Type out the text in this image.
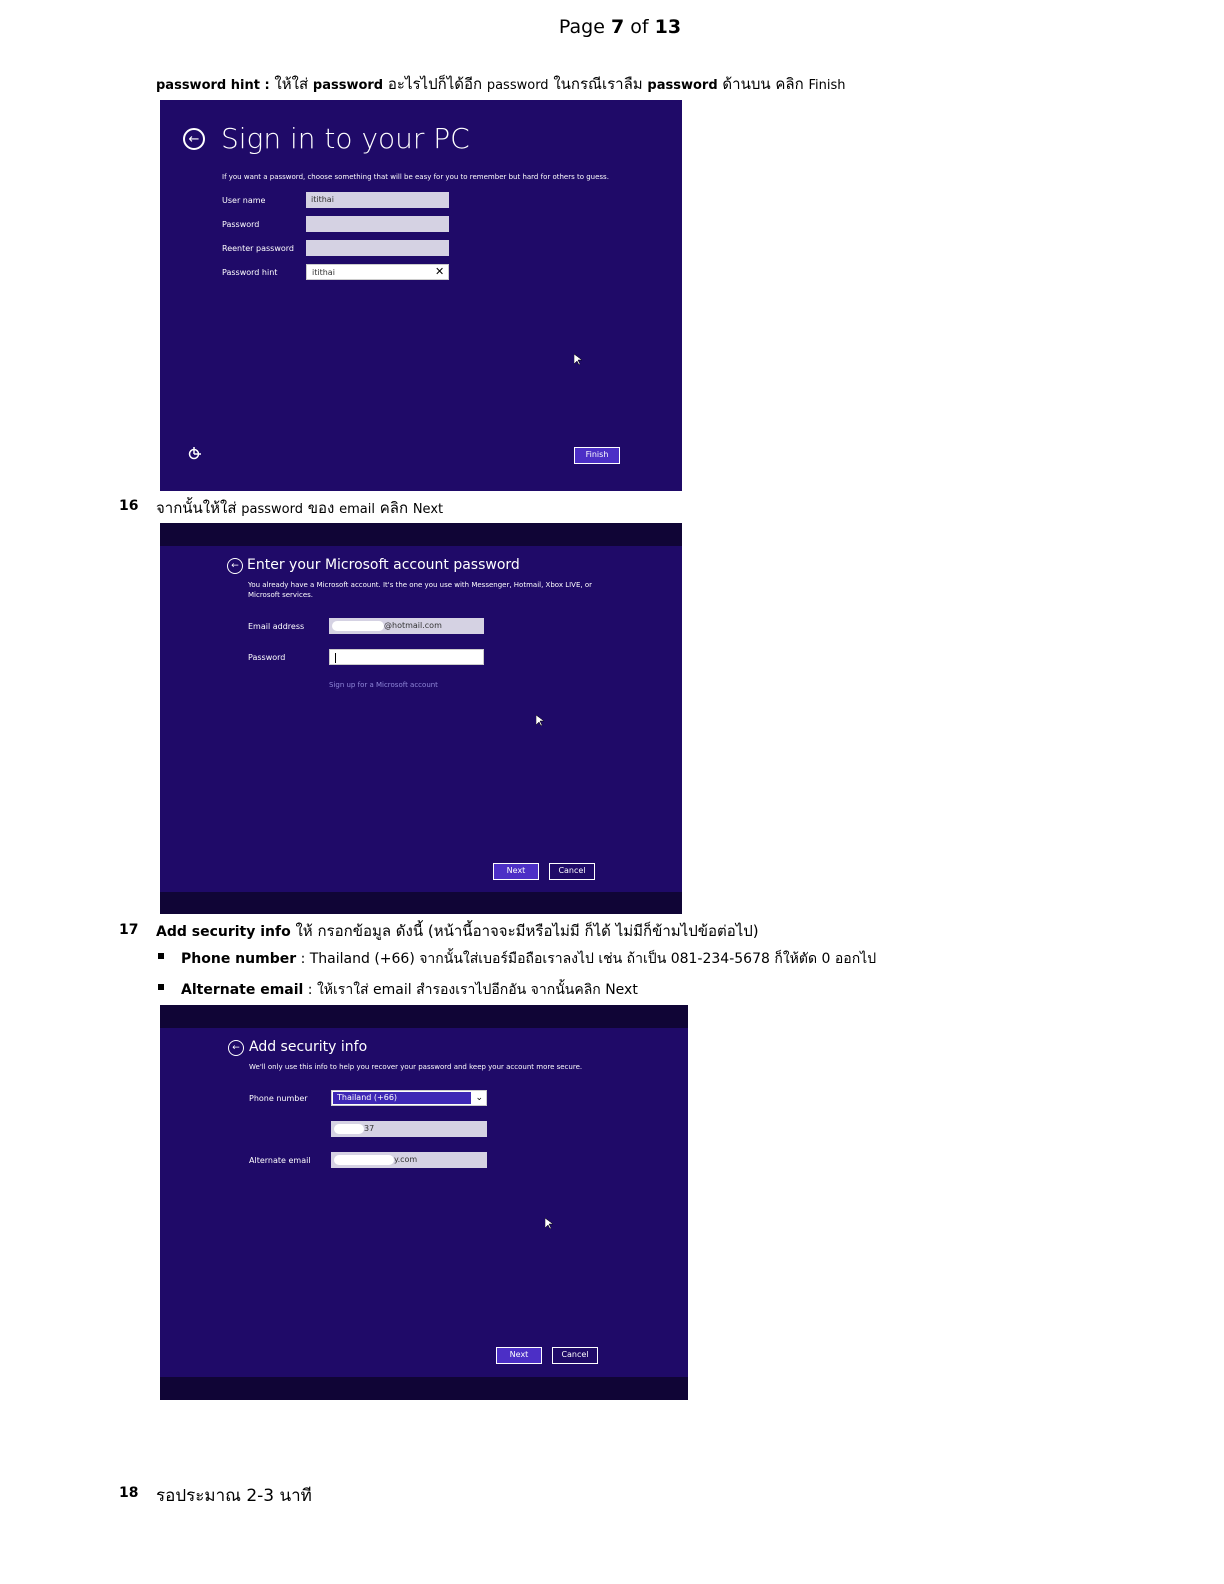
Page 7 of 13
password hint : ให้ใส่ password อะไรไปก็ได้อีก password ในกรณีเราลืม password ด้านบน คลิก Finish
← Sign in to your PC
If you want a password, choose something that will be easy for you to remember but hard for others to guess.
User name	itithai
Password
Reenter password
Password hint	itithai	✕
Finish
16 จากนั้นให้ใส่ password ของ email คลิก Next
← Enter your Microsoft account password
You already have a Microsoft account. It's the one you use with Messenger, Hotmail, Xbox LIVE, or
Microsoft services.
Email address	@hotmail.com
Password
Sign up for a Microsoft account
Next	Cancel
17 Add security info ให้ กรอกข้อมูล ดังนี้ (หน้านี้อาจจะมีหรือไม่มี ก็ได้ ไม่มีก็ข้ามไปข้อต่อไป)
Phone number : Thailand (+66) จากนั้นใส่เบอร์มือถือเราลงไป เช่น ถ้าเป็น 081-234-5678 ก็ให้ตัด 0 ออกไป
Alternate email : ให้เราใส่ email สำรองเราไปอีกอัน จากนั้นคลิก Next
← Add security info
We'll only use this info to help you recover your password and keep your account more secure.
Phone number	Thailand (+66)	⌄
37
Alternate email	y.com
Next	Cancel
18 รอประมาณ 2-3 นาที
